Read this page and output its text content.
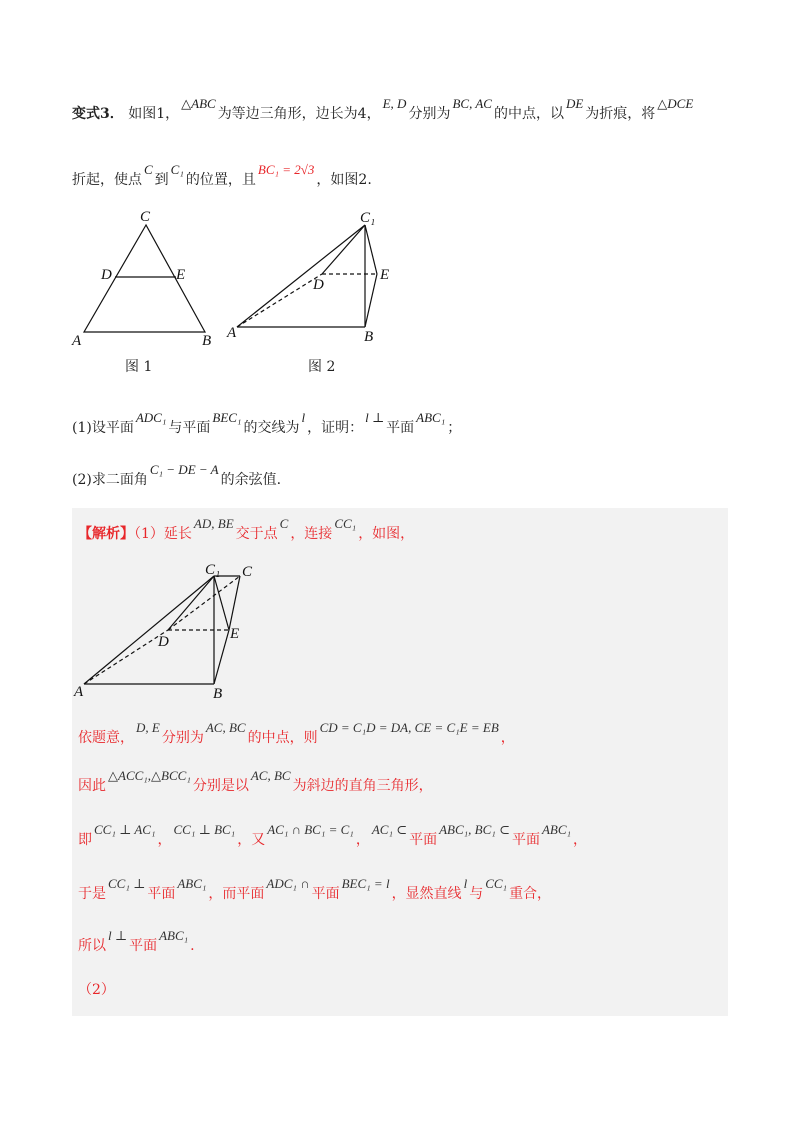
变式3． 如图1，△ABC为等边三角形，边长为4，E, D分别为BC, AC的中点，以DE为折痕，将△DCE
折起，使点C到C₁的位置，且BC₁ = 2√3，如图2.
C
D	E
A	B
图 1
C₁
D
E
A	B
图 2
(1)设平面ADC₁与平面BEC₁的交线为l，证明：l ⊥平面ABC₁；
(2)求二面角C₁ − DE − A的余弦值.
【解析】（1）延长AD, BE交于点C，连接CC₁，如图，
C₁ C
D	E
A	B
依题意，D, E分别为AC, BC的中点，则CD = C₁D = DA, CE = C₁E = EB，
因此△ACC₁,△BCC₁分别是以AC, BC为斜边的直角三角形，
即CC₁ ⊥ AC₁，CC₁ ⊥ BC₁，又AC₁ ∩ BC₁ = C₁，AC₁ ⊂平面ABC₁, BC₁ ⊂平面ABC₁，
于是CC₁ ⊥平面ABC₁，而平面ADC₁ ∩平面BEC₁ = l，显然直线l与CC₁重合，
所以l ⊥平面ABC₁.
（2）
